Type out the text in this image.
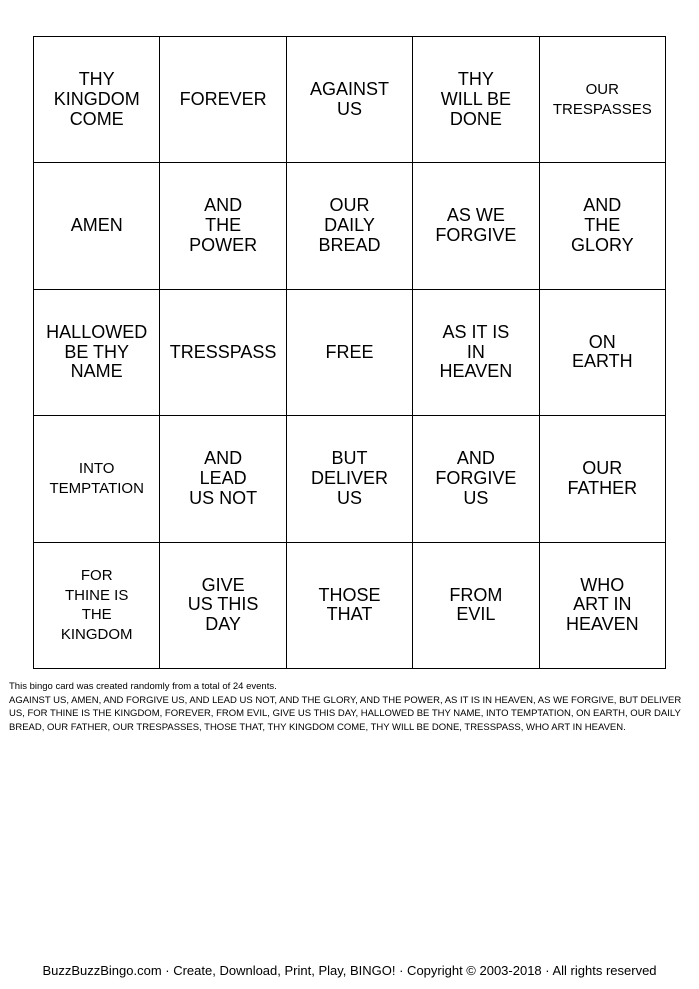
THY
KINGDOM
COME
FOREVER AGAINST
US
THY
WILL BE
DONE
OUR
TRESPASSES
AMEN
AND
THE
POWER
OUR
DAILY
BREAD
AS WE
FORGIVE
AND
THE
GLORY
HALLOWED
BE THY
NAME
TRESSPASS	FREE
AS IT IS
IN
HEAVEN
ON
EARTH
INTO
TEMPTATION
AND
LEAD
US NOT
BUT
DELIVER
US
AND
FORGIVE
US
OUR
FATHER
FOR
THINE IS
THE
KINGDOM
GIVE
US THIS
DAY
THOSE
THAT
FROM
EVIL
WHO
ART IN
HEAVEN

This bingo card was created randomly from a total of 24 events.

AGAINST US, AMEN, AND FORGIVE US, AND LEAD US NOT, AND THE GLORY, AND THE POWER, AS IT IS IN HEAVEN, AS WE FORGIVE, BUT DELIVER US, FOR THINE IS THE KINGDOM, FOREVER, FROM EVIL, GIVE US THIS DAY, HALLOWED BE THY NAME, INTO TEMPTATION, ON EARTH, OUR DAILY BREAD, OUR FATHER, OUR TRESPASSES, THOSE THAT, THY KINGDOM COME, THY WILL BE DONE, TRESSPASS, WHO ART IN HEAVEN.

BuzzBuzzBingo.com · Create, Download, Print, Play, BINGO! · Copyright © 2003-2018 · All rights reserved
